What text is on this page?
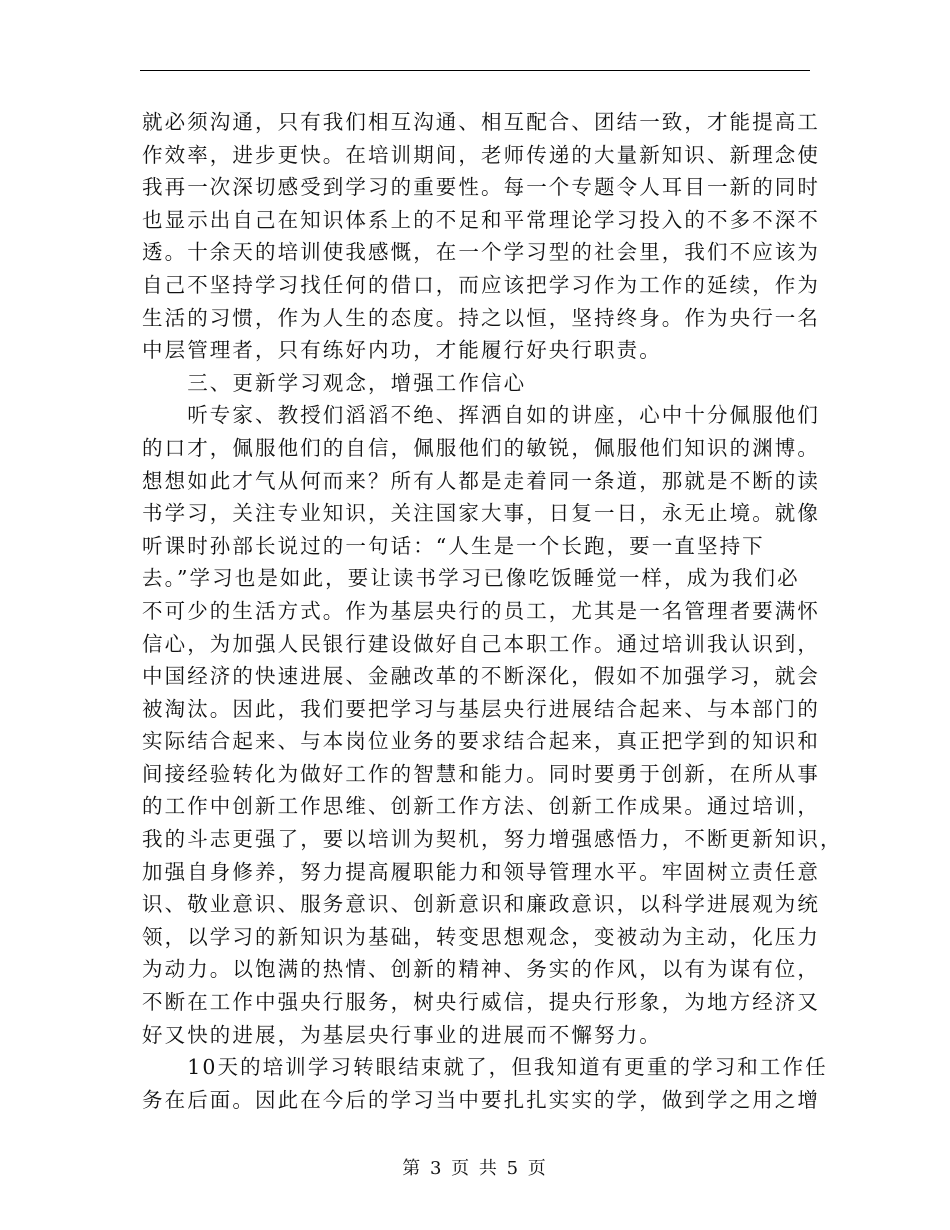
就必须沟通，只有我们相互沟通、相互配合、团结一致，才能提高工
作效率，进步更快。在培训期间，老师传递的大量新知识、新理念使
我再一次深切感受到学习的重要性。每一个专题令人耳目一新的同时
也显示出自己在知识体系上的不足和平常理论学习投入的不多不深不
透。十余天的培训使我感慨，在一个学习型的社会里，我们不应该为
自己不坚持学习找任何的借口，而应该把学习作为工作的延续，作为
生活的习惯，作为人生的态度。持之以恒，坚持终身。作为央行一名
中层管理者，只有练好内功，才能履行好央行职责。
　　三、更新学习观念，增强工作信心
　　听专家、教授们滔滔不绝、挥洒自如的讲座，心中十分佩服他们
的口才，佩服他们的自信，佩服他们的敏锐，佩服他们知识的渊博。
想想如此才气从何而来？所有人都是走着同一条道，那就是不断的读
书学习，关注专业知识，关注国家大事，日复一日，永无止境。就像
听课时孙部长说过的一句话：“人生是一个长跑，要一直坚持下
去。”学习也是如此，要让读书学习已像吃饭睡觉一样，成为我们必
不可少的生活方式。作为基层央行的员工，尤其是一名管理者要满怀
信心，为加强人民银行建设做好自己本职工作。通过培训我认识到，
中国经济的快速进展、金融改革的不断深化，假如不加强学习，就会
被淘汰。因此，我们要把学习与基层央行进展结合起来、与本部门的
实际结合起来、与本岗位业务的要求结合起来，真正把学到的知识和
间接经验转化为做好工作的智慧和能力。同时要勇于创新，在所从事
的工作中创新工作思维、创新工作方法、创新工作成果。通过培训，
我的斗志更强了，要以培训为契机，努力增强感悟力，不断更新知识，
加强自身修养，努力提高履职能力和领导管理水平。牢固树立责任意
识、敬业意识、服务意识、创新意识和廉政意识，以科学进展观为统
领，以学习的新知识为基础，转变思想观念，变被动为主动，化压力
为动力。以饱满的热情、创新的精神、务实的作风，以有为谋有位，
不断在工作中强央行服务，树央行威信，提央行形象，为地方经济又
好又快的进展，为基层央行事业的进展而不懈努力。
　　10天的培训学习转眼结束就了，但我知道有更重的学习和工作任
务在后面。因此在今后的学习当中要扎扎实实的学，做到学之用之增
第 3 页 共 5 页
